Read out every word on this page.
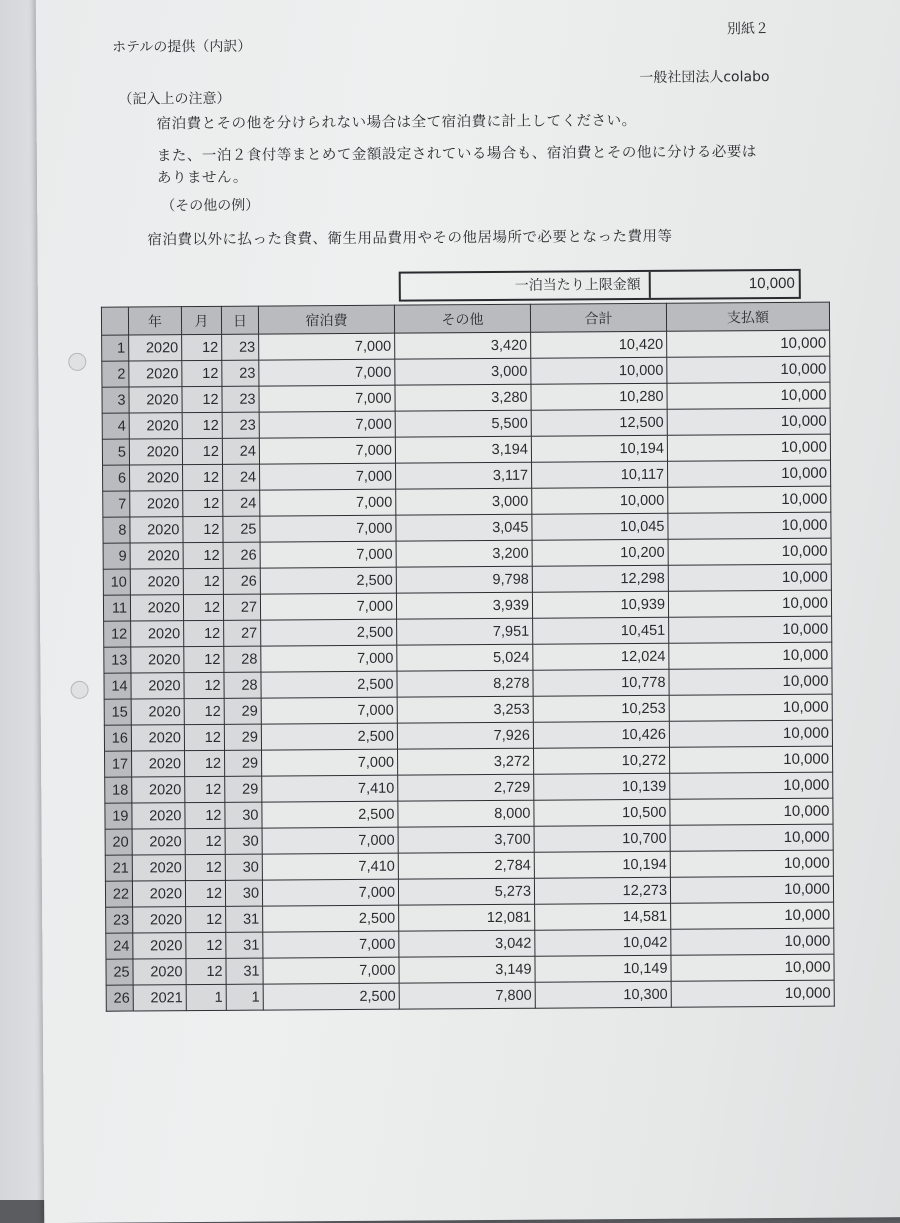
ホテルの提供（内訳）
別紙２
一般社団法人colabo
（記入上の注意）
宿泊費とその他を分けられない場合は全て宿泊費に計上してください。
また、一泊２食付等まとめて金額設定されている場合も、宿泊費とその他に分ける必要は
ありません。
（その他の例）
宿泊費以外に払った食費、衛生用品費用やその他居場所で必要となった費用等
一泊当たり上限金額	10,000
	年	月	日	宿泊費	その他	合計	支払額
1	2020	12	23	7,000	3,420	10,420	10,000
2	2020	12	23	7,000	3,000	10,000	10,000
3	2020	12	23	7,000	3,280	10,280	10,000
4	2020	12	23	7,000	5,500	12,500	10,000
5	2020	12	24	7,000	3,194	10,194	10,000
6	2020	12	24	7,000	3,117	10,117	10,000
7	2020	12	24	7,000	3,000	10,000	10,000
8	2020	12	25	7,000	3,045	10,045	10,000
9	2020	12	26	7,000	3,200	10,200	10,000
10	2020	12	26	2,500	9,798	12,298	10,000
11	2020	12	27	7,000	3,939	10,939	10,000
12	2020	12	27	2,500	7,951	10,451	10,000
13	2020	12	28	7,000	5,024	12,024	10,000
14	2020	12	28	2,500	8,278	10,778	10,000
15	2020	12	29	7,000	3,253	10,253	10,000
16	2020	12	29	2,500	7,926	10,426	10,000
17	2020	12	29	7,000	3,272	10,272	10,000
18	2020	12	29	7,410	2,729	10,139	10,000
19	2020	12	30	2,500	8,000	10,500	10,000
20	2020	12	30	7,000	3,700	10,700	10,000
21	2020	12	30	7,410	2,784	10,194	10,000
22	2020	12	30	7,000	5,273	12,273	10,000
23	2020	12	31	2,500	12,081	14,581	10,000
24	2020	12	31	7,000	3,042	10,042	10,000
25	2020	12	31	7,000	3,149	10,149	10,000
26	2021	1	1	2,500	7,800	10,300	10,000
